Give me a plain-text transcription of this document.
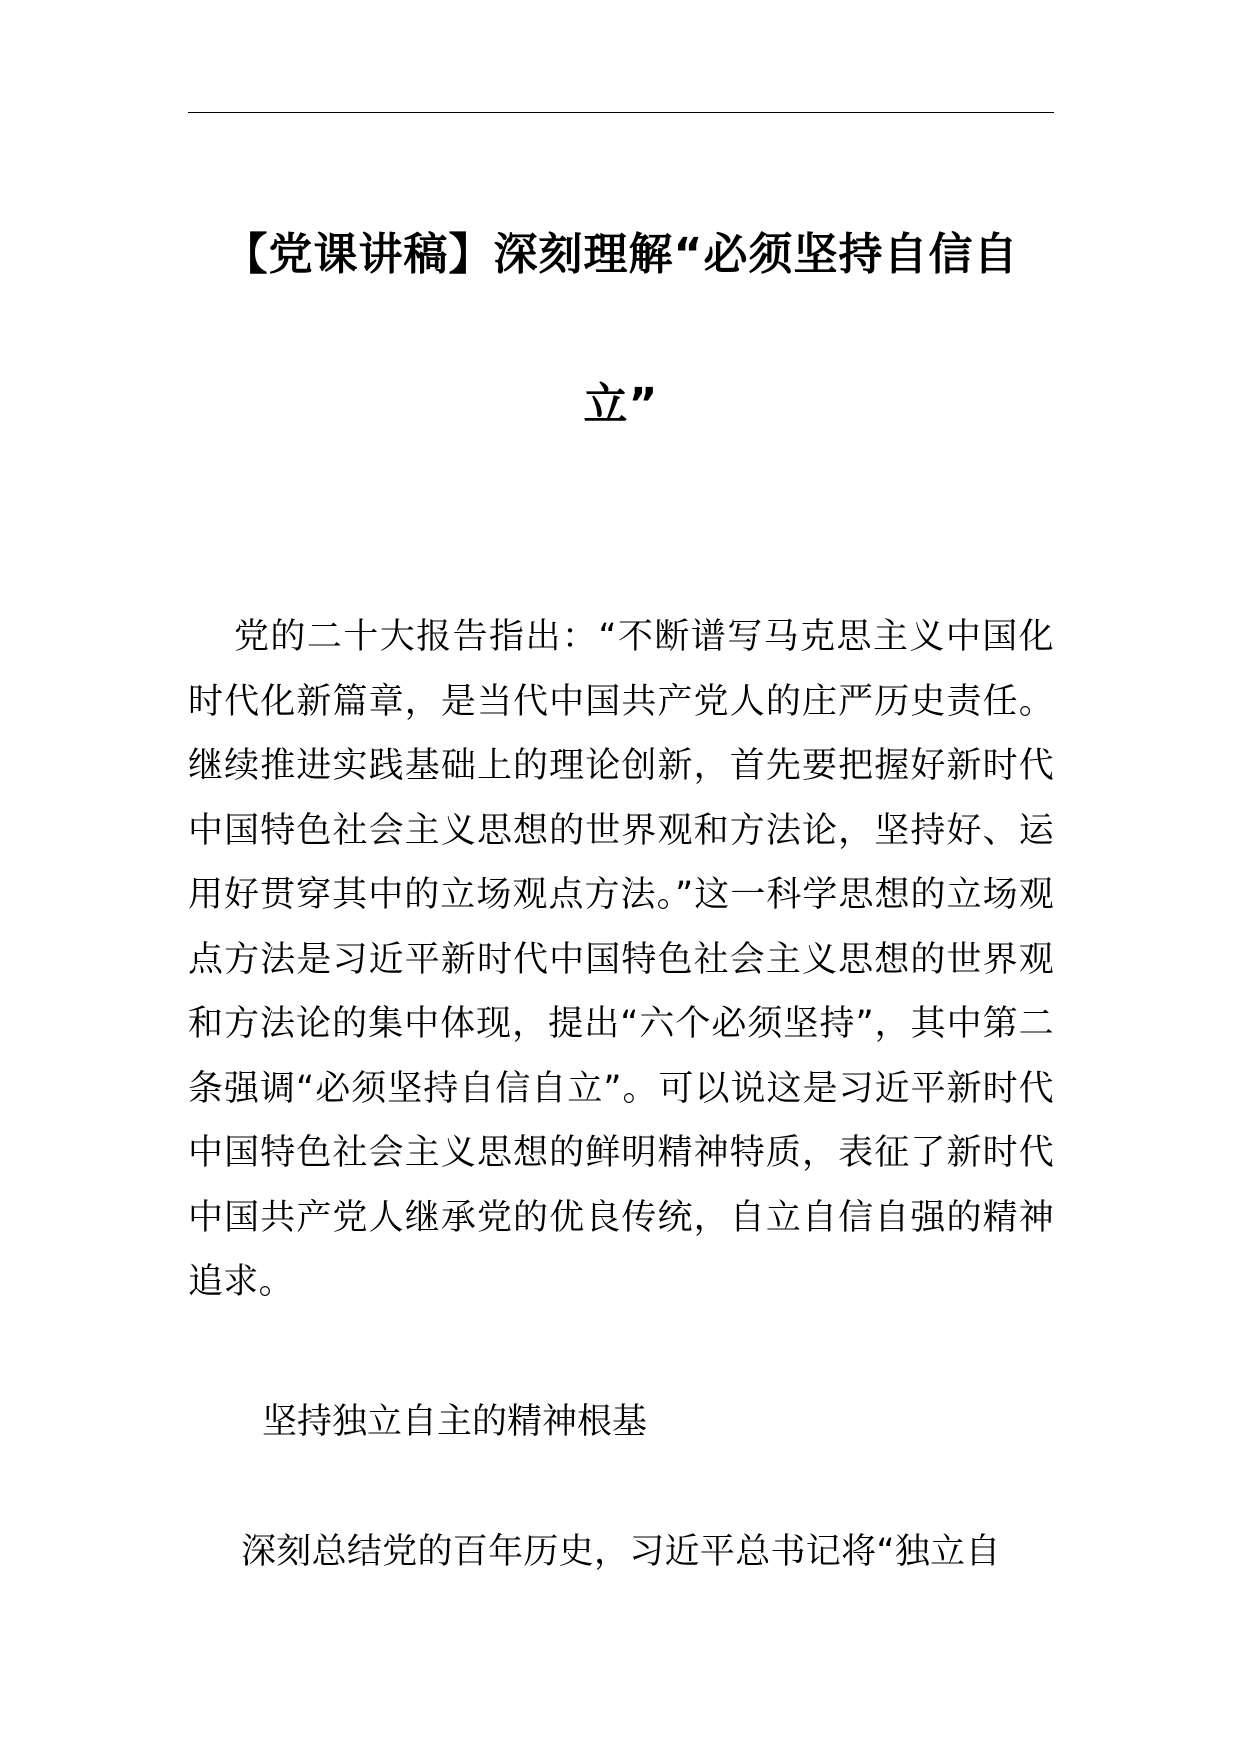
【党课讲稿】深刻理解“必须坚持自信自立”

党的二十大报告指出：“不断谱写马克思主义中国化时代化新篇章，是当代中国共产党人的庄严历史责任。继续推进实践基础上的理论创新，首先要把握好新时代中国特色社会主义思想的世界观和方法论，坚持好、运用好贯穿其中的立场观点方法。”这一科学思想的立场观点方法是习近平新时代中国特色社会主义思想的世界观和方法论的集中体现，提出“六个必须坚持”，其中第二条强调“必须坚持自信自立”。可以说这是习近平新时代中国特色社会主义思想的鲜明精神特质，表征了新时代中国共产党人继承党的优良传统，自立自信自强的精神追求。

坚持独立自主的精神根基

深刻总结党的百年历史，习近平总书记将“独立自
